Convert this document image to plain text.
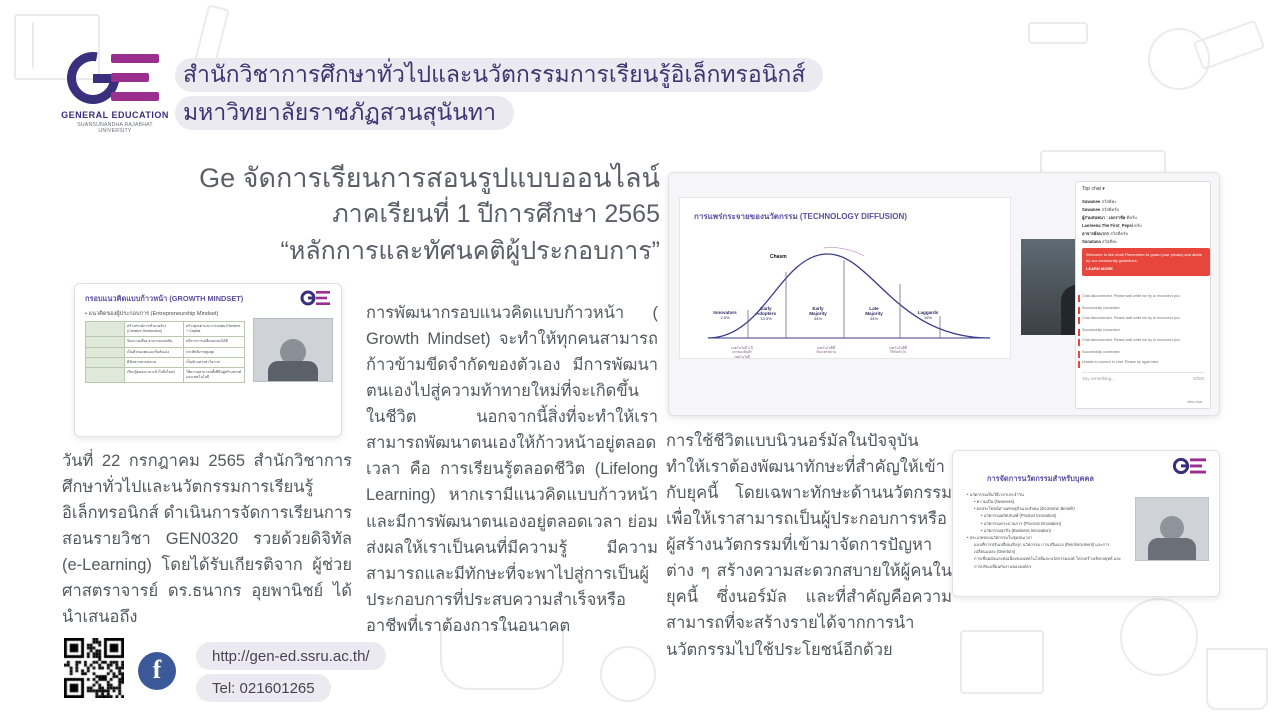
GENERAL EDUCATION
SUANSUNANDHA RAJABHAT UNIVERSITY
สำนักวิชาการศึกษาทั่วไปและนวัตกรรมการเรียนรู้อิเล็กทรอนิกส์
มหาวิทยาลัยราชภัฏสวนสุนันทา
Ge จัดการเรียนการสอนรูปแบบออนไลน์
ภาคเรียนที่ 1 ปีการศึกษา 2565
“หลักการและทัศนคติผู้ประกอบการ”
กรอบแนวคิดแบบก้าวหน้า (GROWTH MINDSET)
• แนวคิดของผู้ประกอบการ (Entrepreneurship Mindset)
	สร้างสรรค์การทำลายล้าง (Creative Destruction)	สร้างคุณค่าและการลงทุน Element + Capital
	รับความเสี่ยง สามารถแข่งขัน	บริหารการเปลี่ยนแปลงได้ดี
	เป็นตัวของตนเองเริ่มต้นเอง	ประสิทธิภาพสูงสุด
	มีทักษะหลากหลาย	เป็นนักแสวงหาโอกาส
	เรียนรู้ตลอดเวลาเข้าใจสิ่งใหม่ๆ	ใช้ความสามารถทั้งที่มีอยู่สร้างสรรค์และเทคโนโลยี
การแพร่กระจายของนวัตกรรม (TECHNOLOGY DIFFUSION)
Chasm
Innovators
2.5%
Early
Adopters
13.5%
Early
Majority
34%
Late
Majority
34%
Laggards
16%
เทคโนโลยี 2 ปี
แรกของสินค้า
เทคโนโลยี
เทคโนโลยีที่
เริ่มแพร่หลาย
เทคโนโลยีที่
ใช้กันทั่วไป
Top chat ▾
Suwanee สวัสดีค่ะ
Suwanee สวัสดีครับ
ผู้ร่วมสนทนา : เอกราชัย ดีครับ
Laoreena The First_Pepsi ครับ
อาจารย์ธนากร สวัสดีครับ
Sunatana สวัสดีค่ะ
Welcome to live chat! Remember to guard your privacy and abide by our community guidelines.
LEARN MORE
Chat disconnected. Please wait while we try to reconnect you.
Successfully connected
Chat disconnected. Please wait while we try to reconnect you.
Successfully connected
Chat disconnected. Please wait while we try to reconnect you.
Successfully connected
Unable to connect to chat. Please try again later.
Say something...	0/200
view chat
การจัดการนวัตกรรมสำหรับบุคคล
• นวัตกรรมเป็นวิธีเวลาประจำวัน
• ความเป็น (Newness)
• ผลประโยชน์ทางเศรษฐกิจและสังคม (Economic Benefit)
• นวัตกรรมผลิตภัณฑ์ (Product Innovation)
• นวัตกรรมกระบวนการ (Process Innovation)
• นวัตกรรมธุรกิจ (Business Innovation)
• ประเภทของนวัตกรรมในชุมชนเวลา
แบบที่การปรับเปลี่ยนเชิงรุก นวัตกรรม การเสริมแรง (Reinforcement) และการเปลี่ยนแปลง (Overturn)
การเชื่อมต่อและต่อเนื่องของเทคโนโลยีและนวัตกรรมองค์ โครงสร้างเชิงกลยุทธ์ และการปรับเปลี่ยนกับงานขององค์กร
วันที่ 22 กรกฎาคม 2565 สำนักวิชาการศึกษาทั่วไปและนวัตกรรมการเรียนรู้อิเล็กทรอนิกส์ ดำเนินการจัดการเรียนการสอนรายวิชา GEN0320 รวยด้วยดิจิทัล (e-Learning) โดยได้รับเกียรติจาก ผู้ช่วยศาสตราจารย์ ดร.ธนากร อุยพานิชย์ ได้นำเสนอถึง
การพัฒนากรอบแนวคิดแบบก้าวหน้า ( Growth Mindset) จะทำให้ทุกคนสามารถก้าวข้ามขีดจำกัดของตัวเอง มีการพัฒนาตนเองไปสู่ความท้าทายใหม่ที่จะเกิดขึ้นในชีวิต นอกจากนี้สิ่งที่จะทำให้เราสามารถพัฒนาตนเองให้ก้าวหน้าอยู่ตลอดเวลา คือ การเรียนรู้ตลอดชีวิต (Lifelong Learning) หากเรามีแนวคิดแบบก้าวหน้าและมีการพัฒนาตนเองอยู่ตลอดเวลา ย่อมส่งผลให้เราเป็นคนที่มีความรู้ มีความสามารถและมีทักษะที่จะพาไปสู่การเป็นผู้ประกอบการที่ประสบความสำเร็จหรืออาชีพที่เราต้องการในอนาคต
การใช้ชีวิตแบบนิวนอร์มัลในปัจจุบันทำให้เราต้องพัฒนาทักษะที่สำคัญให้เข้ากับยุคนี้ โดยเฉพาะทักษะด้านนวัตกรรมเพื่อให้เราสามารถเป็นผู้ประกอบการหรือผู้สร้างนวัตกรรมที่เข้ามาจัดการปัญหาต่าง ๆ สร้างความสะดวกสบายให้ผู้คนในยุคนี้ ซึ่งนอร์มัล และที่สำคัญคือความสามารถที่จะสร้างรายได้จากการนำนวัตกรรมไปใช้ประโยชน์อีกด้วย
f	http://gen-ed.ssru.ac.th/
Tel: 021601265
